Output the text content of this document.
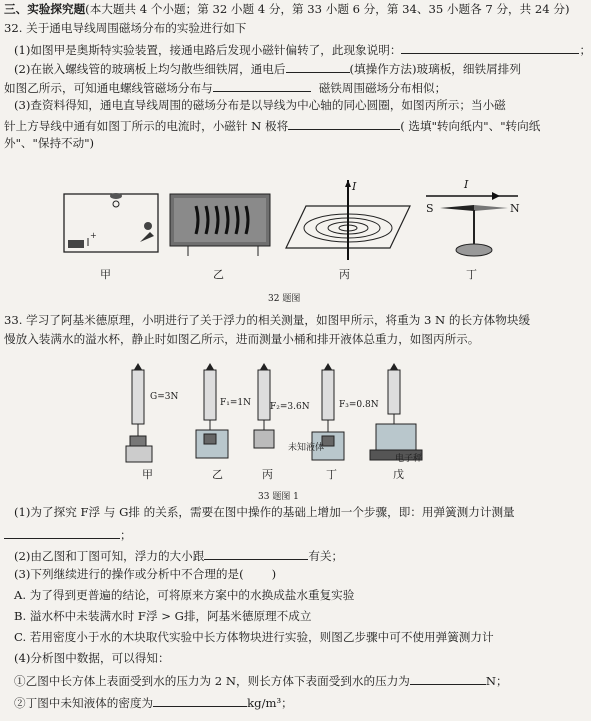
三、实验探究题(本大题共 4 个小题；第 32 小题 4 分，第 33 小题 6 分，第 34、35 小题各 7 分，共 24 分)
32. 关于通电导线周围磁场分布的实验进行如下
(1)如图甲是奥斯特实验装置，接通电路后发现小磁针偏转了，此现象说明：	；
(2)在嵌入螺线管的玻璃板上均匀散些细铁屑，通电后	(填操作方法)玻璃板，细铁屑排列
如图乙所示，可知通电螺线管磁场分布与	磁铁周围磁场分布相似；
(3)查资料得知，通电直导线周围的磁场分布是以导线为中心轴的同心圆圈，如图丙所示；当小磁
针上方导线中通有如图丁所示的电流时，小磁针 N 极将	( 选填"转向纸内"、"转向纸
外"、"保持不动")
+
甲	乙
I
丙
I
S	N
丁
32 题图
33. 学习了阿基米德原理，小明进行了关于浮力的相关测量，如图甲所示，将重为 3 N 的长方体物块缓
慢放入装满水的溢水杯，静止时如图乙所示，进而测量小桶和排开液体总重力，如图丙所示。
G=3N
F₁=1N F₂=3.6N	F₃=0.8N
未知液体
电子秤
甲	乙	丙	丁	戊
33 题图 1
(1)为了探究 F浮 与 G排 的关系，需要在图中操作的基础上增加一个步骤，即：用弹簧测力计测量
；
(2)由乙图和丁图可知，浮力的大小跟	有关；
(3)下列继续进行的操作或分析中不合理的是( )
A. 为了得到更普遍的结论，可将原来方案中的水换成盐水重复实验
B. 溢水杯中未装满水时 F浮 > G排，阿基米德原理不成立
C. 若用密度小于水的木块取代实验中长方体物块进行实验，则图乙步骤中可不使用弹簧测力计
(4)分析图中数据，可以得知：
①乙图中长方体上表面受到水的压力为 2 N，则长方体下表面受到水的压力为	N；
②丁图中未知液体的密度为	kg/m³；
